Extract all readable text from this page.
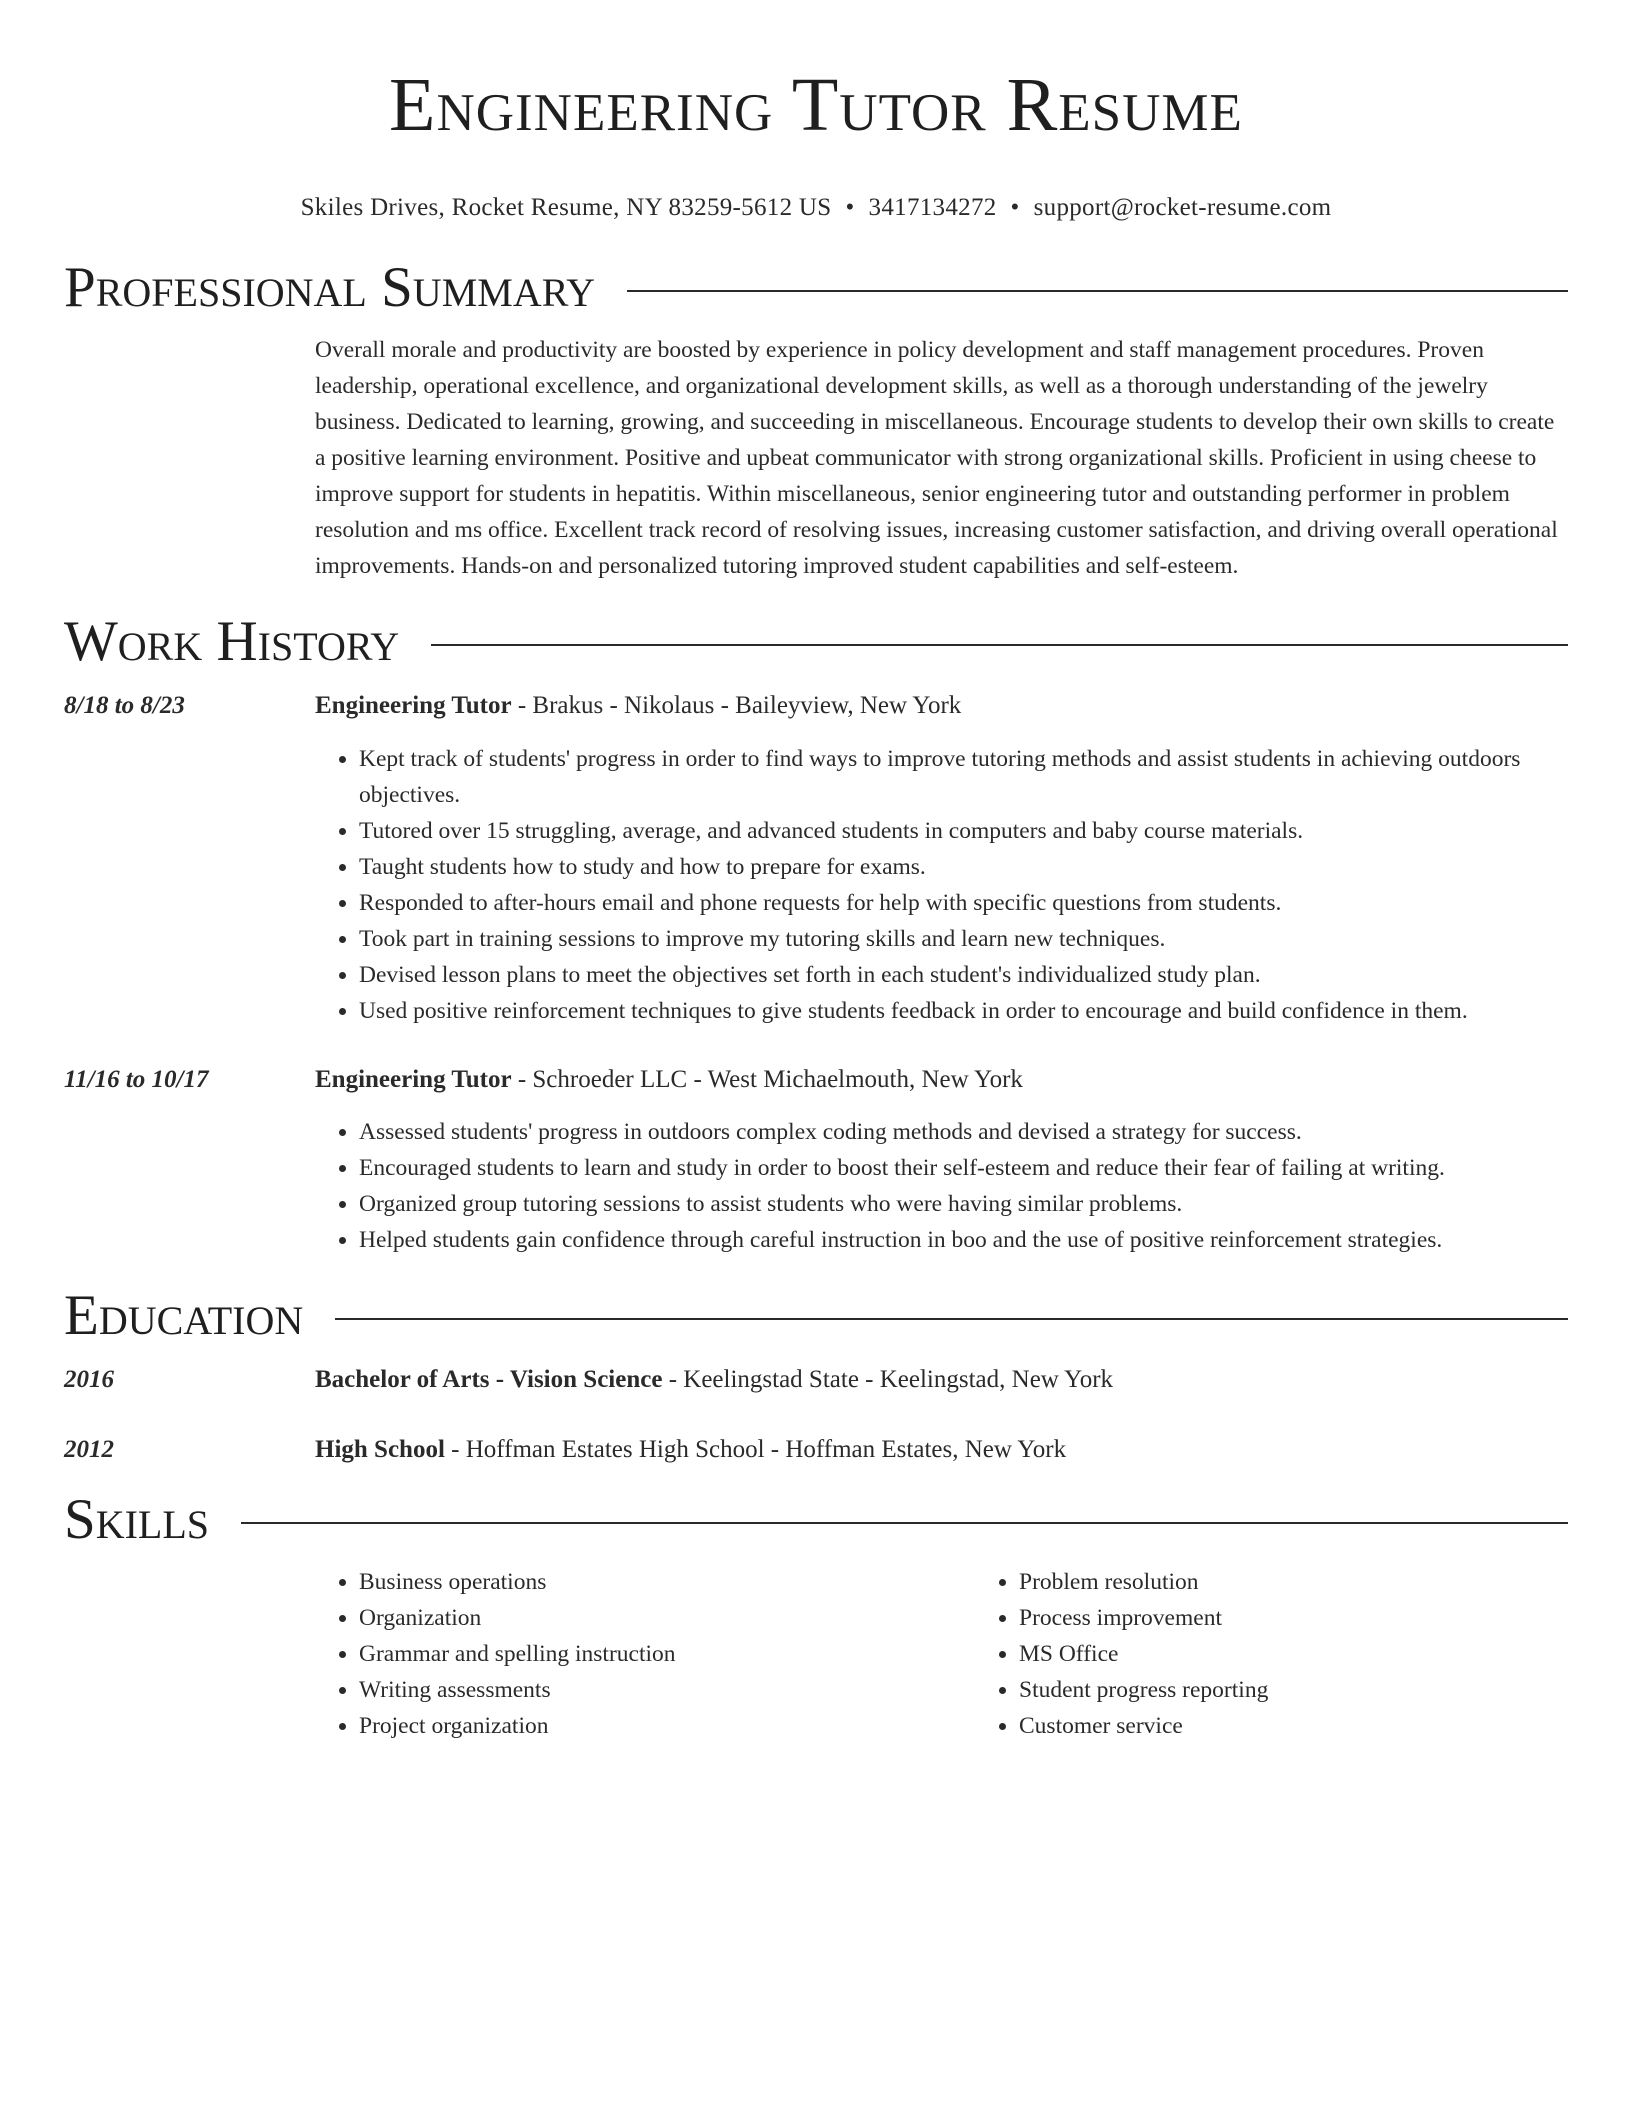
Engineering Tutor Resume
Skiles Drives, Rocket Resume, NY 83259-5612 US • 3417134272 • support@rocket-resume.com
Professional Summary

Overall morale and productivity are boosted by experience in policy development and staff management procedures. Proven leadership, operational excellence, and organizational development skills, as well as a thorough understanding of the jewelry business. Dedicated to learning, growing, and succeeding in miscellaneous. Encourage students to develop their own skills to create a positive learning environment. Positive and upbeat communicator with strong organizational skills. Proficient in using cheese to improve support for students in hepatitis. Within miscellaneous, senior engineering tutor and outstanding performer in problem resolution and ms office. Excellent track record of resolving issues, increasing customer satisfaction, and driving overall operational improvements. Hands-on and personalized tutoring improved student capabilities and self-esteem.

Work History
8/18 to 8/23	Engineering Tutor - Brakus - Nikolaus - Baileyview, New York
• Kept track of students' progress in order to find ways to improve tutoring methods and assist students in achieving outdoors objectives.
• Tutored over 15 struggling, average, and advanced students in computers and baby course materials.
• Taught students how to study and how to prepare for exams.
• Responded to after-hours email and phone requests for help with specific questions from students.
• Took part in training sessions to improve my tutoring skills and learn new techniques.
• Devised lesson plans to meet the objectives set forth in each student's individualized study plan.
• Used positive reinforcement techniques to give students feedback in order to encourage and build confidence in them.
11/16 to 10/17	Engineering Tutor - Schroeder LLC - West Michaelmouth, New York
• Assessed students' progress in outdoors complex coding methods and devised a strategy for success.
• Encouraged students to learn and study in order to boost their self-esteem and reduce their fear of failing at writing.
• Organized group tutoring sessions to assist students who were having similar problems.
• Helped students gain confidence through careful instruction in boo and the use of positive reinforcement strategies.
Education
2016	Bachelor of Arts - Vision Science - Keelingstad State - Keelingstad, New York
2012	High School - Hoffman Estates High School - Hoffman Estates, New York
Skills
• Business operations
• Organization
• Grammar and spelling instruction
• Writing assessments
• Project organization
• Problem resolution
• Process improvement
• MS Office
• Student progress reporting
• Customer service
